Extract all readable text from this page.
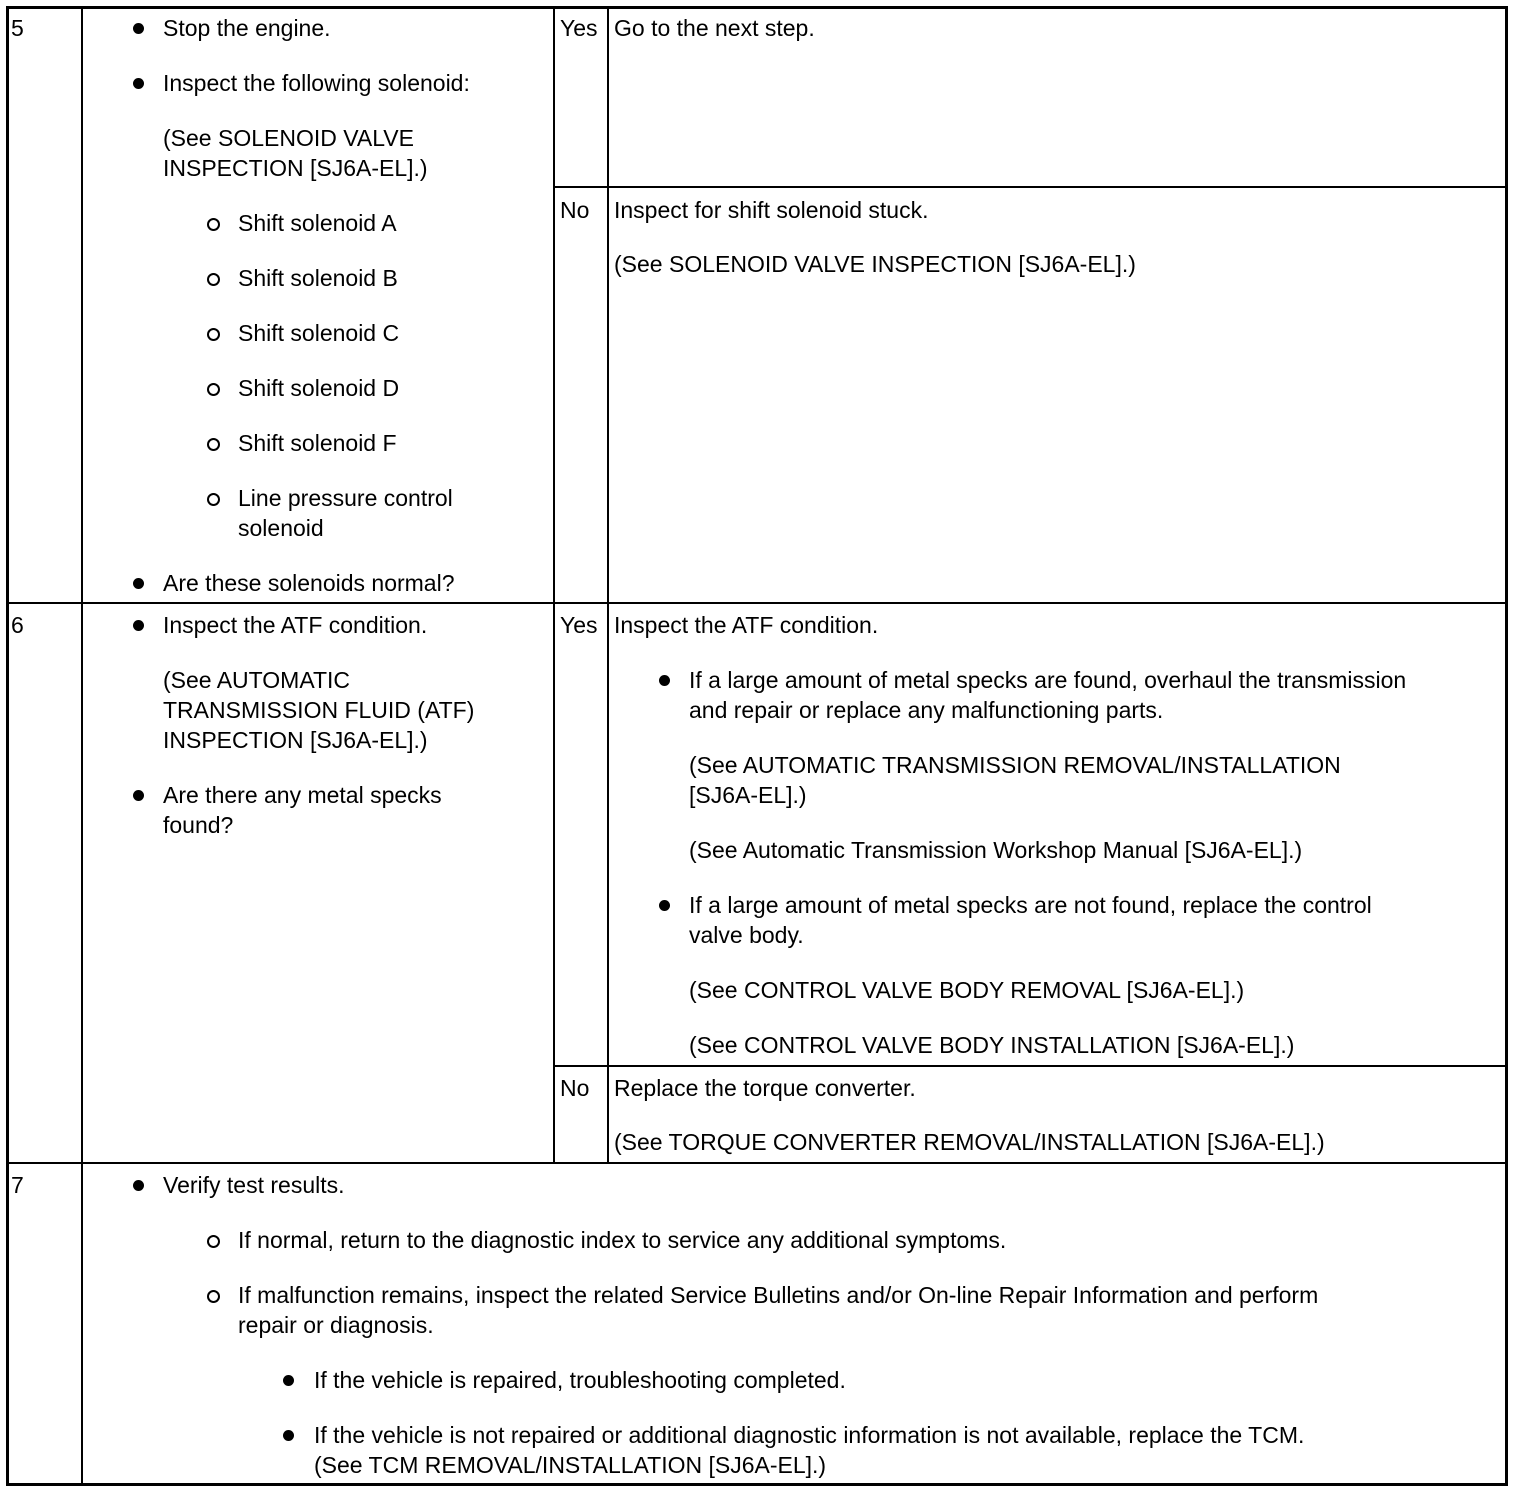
5	Stop the engine.
Inspect the following solenoid:
(See SOLENOID VALVE
INSPECTION [SJ6A-EL].)
Shift solenoid A
Shift solenoid B
Shift solenoid C
Shift solenoid D
Shift solenoid F
Line pressure control
solenoid
Are these solenoids normal?
Yes Go to the next step.
No Inspect for shift solenoid stuck.
(See SOLENOID VALVE INSPECTION [SJ6A-EL].)
6	Inspect the ATF condition.
(See AUTOMATIC
TRANSMISSION FLUID (ATF)
INSPECTION [SJ6A-EL].)
Are there any metal specks
found?
Yes Inspect the ATF condition.
If a large amount of metal specks are found, overhaul the transmission
and repair or replace any malfunctioning parts.
(See AUTOMATIC TRANSMISSION REMOVAL/INSTALLATION
[SJ6A-EL].)
(See Automatic Transmission Workshop Manual [SJ6A-EL].)
If a large amount of metal specks are not found, replace the control
valve body.
(See CONTROL VALVE BODY REMOVAL [SJ6A-EL].)
(See CONTROL VALVE BODY INSTALLATION [SJ6A-EL].)
No Replace the torque converter.
(See TORQUE CONVERTER REMOVAL/INSTALLATION [SJ6A-EL].)
7	Verify test results.
If normal, return to the diagnostic index to service any additional symptoms.
If malfunction remains, inspect the related Service Bulletins and/or On-line Repair Information and perform
repair or diagnosis.
If the vehicle is repaired, troubleshooting completed.
If the vehicle is not repaired or additional diagnostic information is not available, replace the TCM.
(See TCM REMOVAL/INSTALLATION [SJ6A-EL].)
